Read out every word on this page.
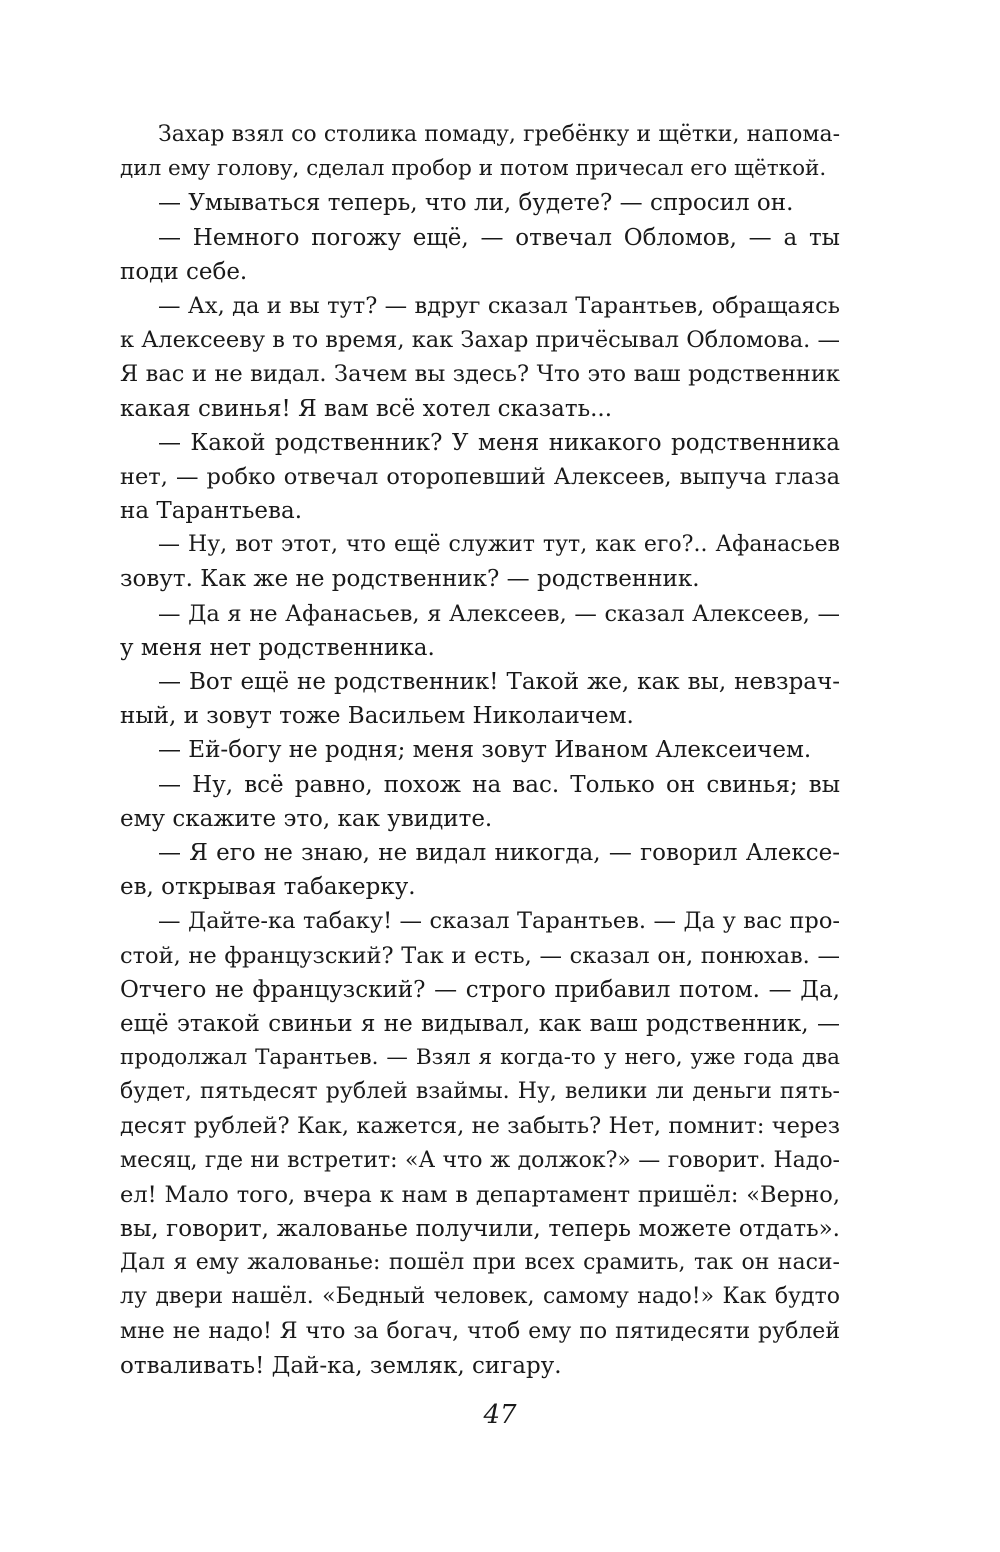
Захар взял со столика помаду, гребёнку и щётки, напома-
дил ему голову, сделал пробор и потом причесал его щёткой.
— Умываться теперь, что ли, будете? — спросил он.
— Немного погожу ещё, — отвечал Обломов, — а ты
поди себе.
— Ах, да и вы тут? — вдруг сказал Тарантьев, обращаясь
к Алексееву в то время, как Захар причёсывал Обломова. —
Я вас и не видал. Зачем вы здесь? Что это ваш родственник
какая свинья! Я вам всё хотел сказать...
— Какой родственник? У меня никакого родственника
нет, — робко отвечал оторопевший Алексеев, выпуча глаза
на Тарантьева.
— Ну, вот этот, что ещё служит тут, как его?.. Афанасьев
зовут. Как же не родственник? — родственник.
— Да я не Афанасьев, я Алексеев, — сказал Алексеев, —
у меня нет родственника.
— Вот ещё не родственник! Такой же, как вы, невзрач-
ный, и зовут тоже Васильем Николаичем.
— Ей-богу не родня; меня зовут Иваном Алексеичем.
— Ну, всё равно, похож на вас. Только он свинья; вы
ему скажите это, как увидите.
— Я его не знаю, не видал никогда, — говорил Алексе-
ев, открывая табакерку.
— Дайте-ка табаку! — сказал Тарантьев. — Да у вас про-
стой, не французский? Так и есть, — сказал он, понюхав. —
Отчего не французский? — строго прибавил потом. — Да,
ещё этакой свиньи я не видывал, как ваш родственник, —
продолжал Тарантьев. — Взял я когда-то у него, уже года два
будет, пятьдесят рублей взаймы. Ну, велики ли деньги пять-
десят рублей? Как, кажется, не забыть? Нет, помнит: через
месяц, где ни встретит: «А что ж должок?» — говорит. Надо-
ел! Мало того, вчера к нам в департамент пришёл: «Верно,
вы, говорит, жалованье получили, теперь можете отдать».
Дал я ему жалованье: пошёл при всех срамить, так он наси-
лу двери нашёл. «Бедный человек, самому надо!» Как будто
мне не надо! Я что за богач, чтоб ему по пятидесяти рублей
отваливать! Дай-ка, земляк, сигару.
47
